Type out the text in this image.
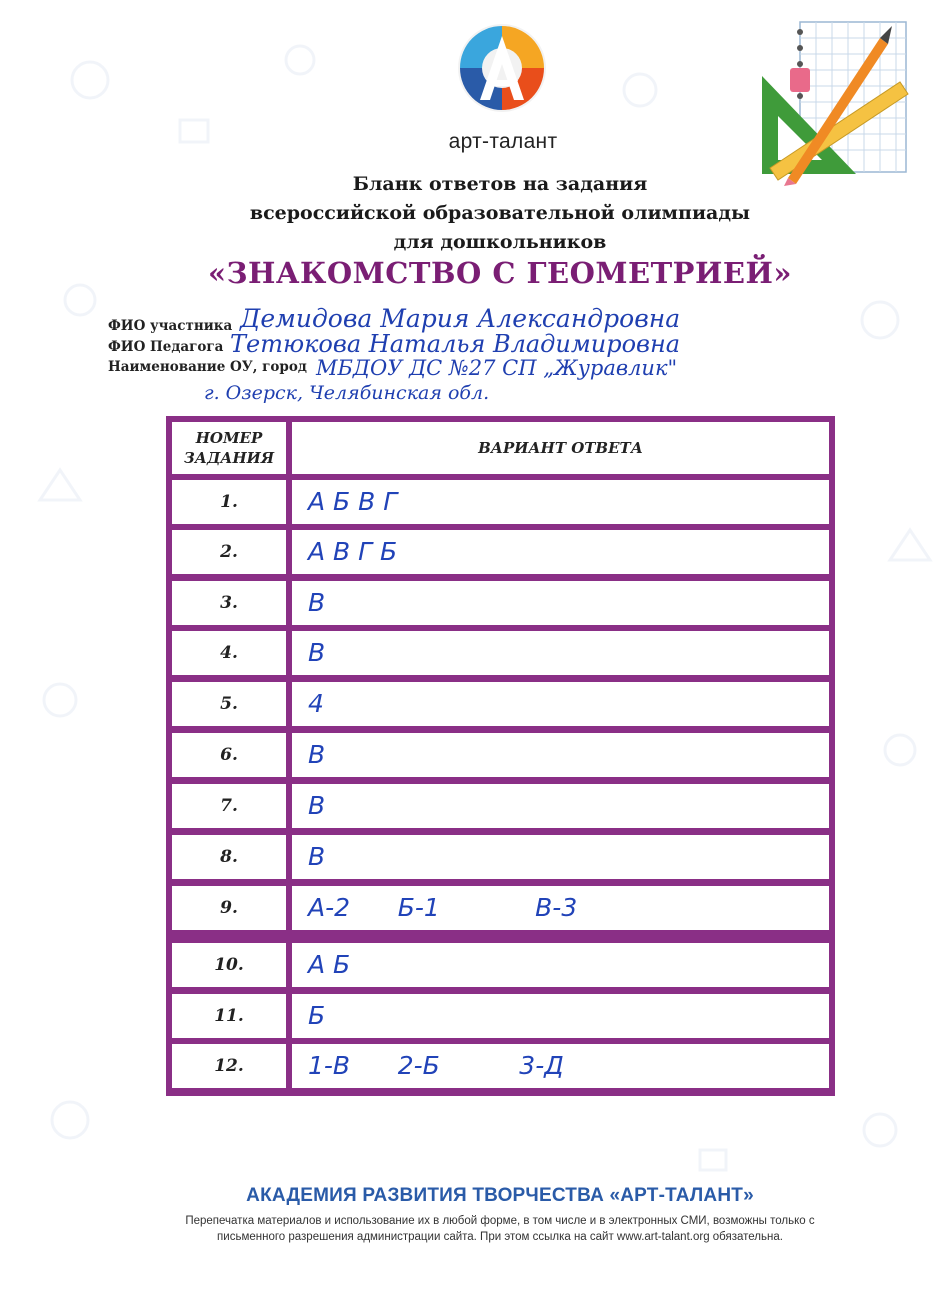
арт-талант
Бланк ответов на задания
всероссийской образовательной олимпиады
для дошкольников
«ЗНАКОМСТВО С ГЕОМЕТРИЕЙ»
ФИО участника Демидова Мария Александровна
ФИО Педагога Тетюкова Наталья Владимировна
Наименование ОУ, город МБДОУ ДС №27 СП „Журавлик"
г. Озерск, Челябинская обл.
НОМЕР
ЗАДАНИЯ
ВАРИАНТ ОТВЕТА
1.	А Б В Г
2.	А В Г Б
3.	В
4.	В
5.	4
6.	В
7.	В
8.	В
9.	А-2      Б-1            В-3
10.	А Б
11.	Б
12.	1-В      2-Б          3-Д
АКАДЕМИЯ РАЗВИТИЯ ТВОРЧЕСТВА «АРТ-ТАЛАНТ»
Перепечатка материалов и использование их в любой форме, в том числе и в электронных СМИ, возможны только с
письменного разрешения администрации сайта. При этом ссылка на сайт www.art-talant.org обязательна.
